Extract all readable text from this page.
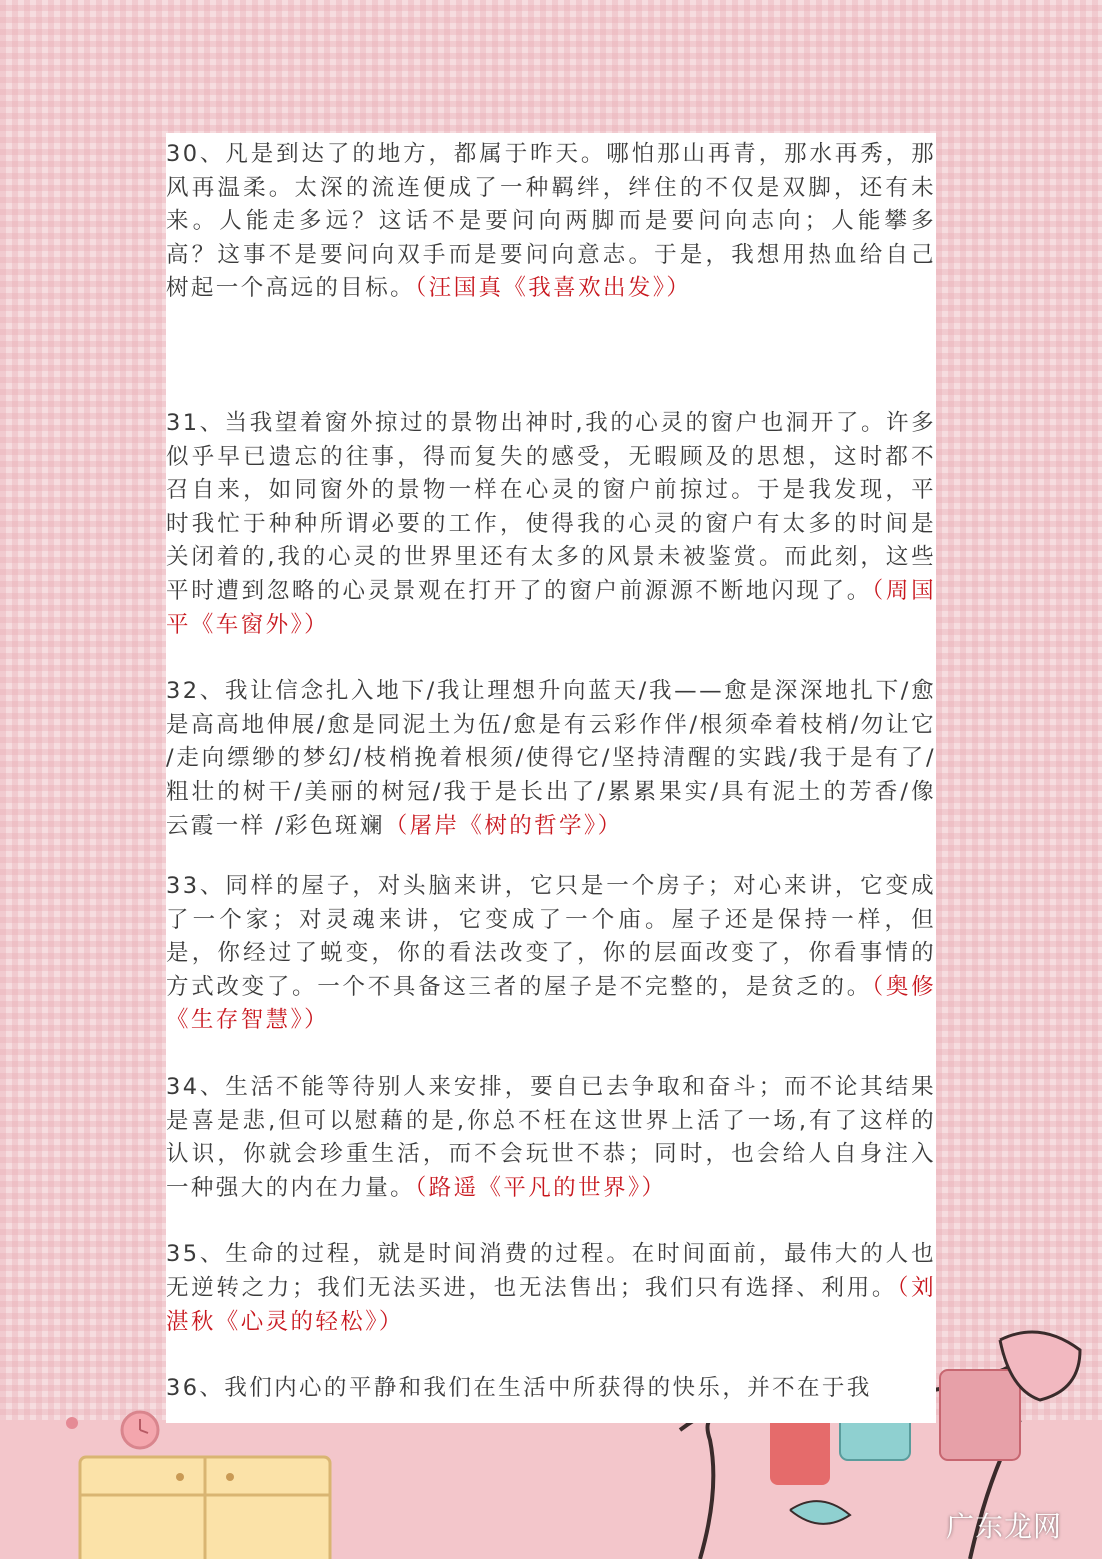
30、凡是到达了的地方，都属于昨天。哪怕那山再青，那水再秀，那风再温柔。太深的流连便成了一种羁绊，绊住的不仅是双脚，还有未来。人能走多远？这话不是要问向两脚而是要问向志向；人能攀多高？这事不是要问向双手而是要问向意志。于是，我想用热血给自己树起一个高远的目标。（汪国真《我喜欢出发》）

31、当我望着窗外掠过的景物出神时,我的心灵的窗户也洞开了。许多似乎早已遗忘的往事，得而复失的感受，无暇顾及的思想，这时都不召自来，如同窗外的景物一样在心灵的窗户前掠过。于是我发现，平时我忙于种种所谓必要的工作，使得我的心灵的窗户有太多的时间是关闭着的,我的心灵的世界里还有太多的风景未被鉴赏。而此刻，这些平时遭到忽略的心灵景观在打开了的窗户前源源不断地闪现了。（周国平《车窗外》）

32、我让信念扎入地下/我让理想升向蓝天/我——愈是深深地扎下/愈是高高地伸展/愈是同泥土为伍/愈是有云彩作伴/根须牵着枝梢/勿让它 /走向缥缈的梦幻/枝梢挽着根须/使得它/坚持清醒的实践/我于是有了/粗壮的树干/美丽的树冠/我于是长出了/累累果实/具有泥土的芳香/像云霞一样 /彩色斑斓（屠岸《树的哲学》）

33、同样的屋子，对头脑来讲，它只是一个房子；对心来讲，它变成了一个家；对灵魂来讲，它变成了一个庙。屋子还是保持一样，但是，你经过了蜕变，你的看法改变了，你的层面改变了，你看事情的方式改变了。一个不具备这三者的屋子是不完整的，是贫乏的。（奥修《生存智慧》）

34、生活不能等待别人来安排，要自已去争取和奋斗；而不论其结果是喜是悲,但可以慰藉的是,你总不枉在这世界上活了一场,有了这样的认识，你就会珍重生活，而不会玩世不恭；同时，也会给人自身注入一种强大的内在力量。（路遥《平凡的世界》）

35、生命的过程，就是时间消费的过程。在时间面前，最伟大的人也无逆转之力；我们无法买进，也无法售出；我们只有选择、利用。（刘湛秋《心灵的轻松》）

36、我们内心的平静和我们在生活中所获得的快乐，并不在于我

广东龙网
